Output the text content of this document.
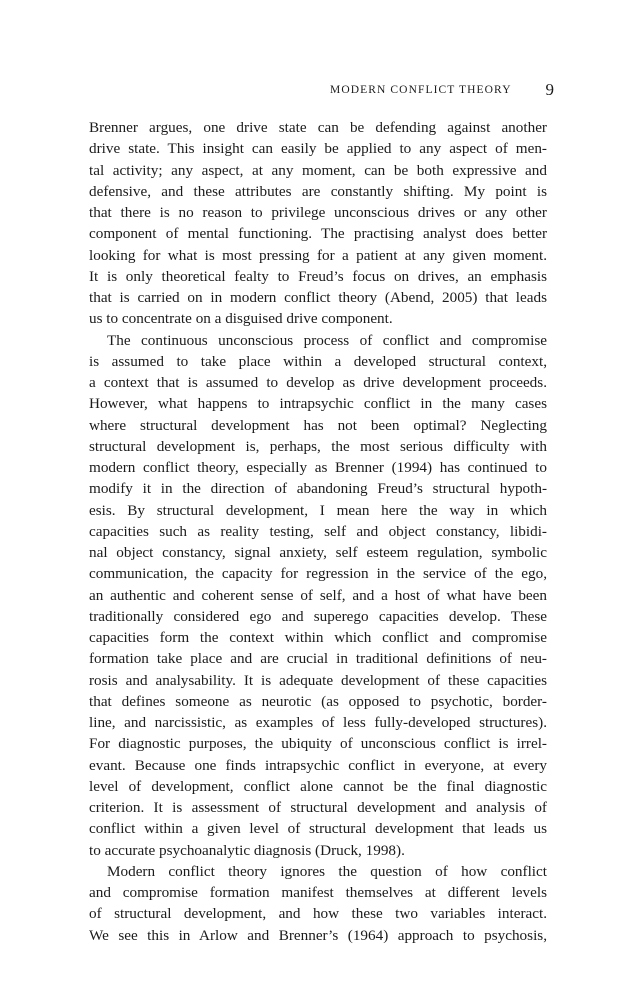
MODERN CONFLICT THEORY	9
Brenner argues, one drive state can be defending against another
drive state. This insight can easily be applied to any aspect of men-
tal activity; any aspect, at any moment, can be both expressive and
defensive, and these attributes are constantly shifting. My point is
that there is no reason to privilege unconscious drives or any other
component of mental functioning. The practising analyst does better
looking for what is most pressing for a patient at any given moment.
It is only theoretical fealty to Freud’s focus on drives, an emphasis
that is carried on in modern conflict theory (Abend, 2005) that leads
us to concentrate on a disguised drive component.
The continuous unconscious process of conflict and compromise
is assumed to take place within a developed structural context,
a context that is assumed to develop as drive development proceeds.
However, what happens to intrapsychic conflict in the many cases
where structural development has not been optimal? Neglecting
structural development is, perhaps, the most serious difficulty with
modern conflict theory, especially as Brenner (1994) has continued to
modify it in the direction of abandoning Freud’s structural hypoth-
esis. By structural development, I mean here the way in which
capacities such as reality testing, self and object constancy, libidi-
nal object constancy, signal anxiety, self esteem regulation, symbolic
communication, the capacity for regression in the service of the ego,
an authentic and coherent sense of self, and a host of what have been
traditionally considered ego and superego capacities develop. These
capacities form the context within which conflict and compromise
formation take place and are crucial in traditional definitions of neu-
rosis and analysability. It is adequate development of these capacities
that defines someone as neurotic (as opposed to psychotic, border-
line, and narcissistic, as examples of less fully-developed structures).
For diagnostic purposes, the ubiquity of unconscious conflict is irrel-
evant. Because one finds intrapsychic conflict in everyone, at every
level of development, conflict alone cannot be the final diagnostic
criterion. It is assessment of structural development and analysis of
conflict within a given level of structural development that leads us
to accurate psychoanalytic diagnosis (Druck, 1998).
Modern conflict theory ignores the question of how conflict
and compromise formation manifest themselves at different levels
of structural development, and how these two variables interact.
We see this in Arlow and Brenner’s (1964) approach to psychosis,
